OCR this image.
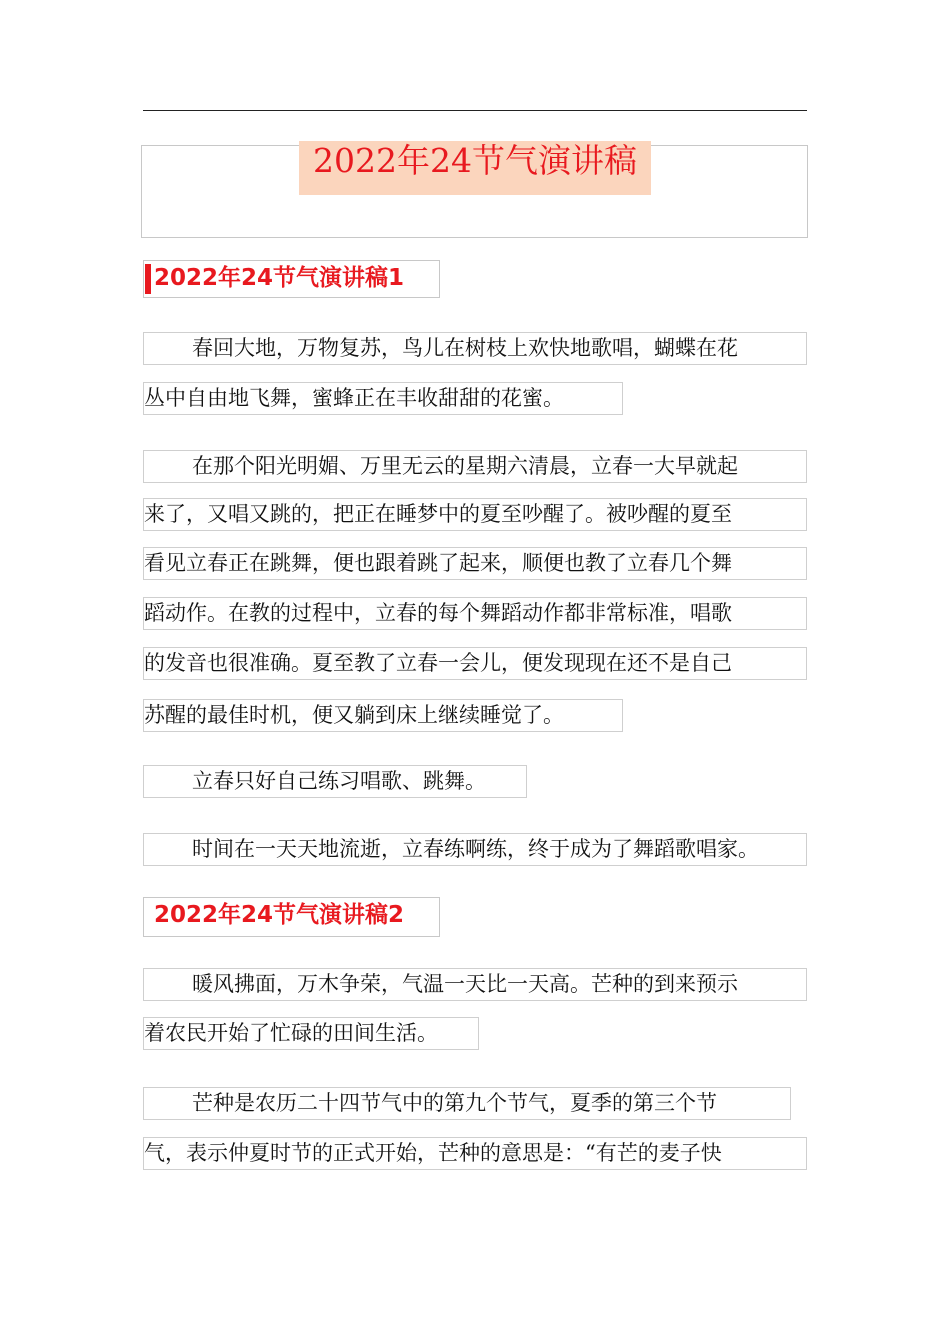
2022年24节气演讲稿
2022年24节气演讲稿1
春回大地，万物复苏，鸟儿在树枝上欢快地歌唱，蝴蝶在花
丛中自由地飞舞，蜜蜂正在丰收甜甜的花蜜。
在那个阳光明媚、万里无云的星期六清晨，立春一大早就起
来了，又唱又跳的，把正在睡梦中的夏至吵醒了。被吵醒的夏至
看见立春正在跳舞，便也跟着跳了起来，顺便也教了立春几个舞
蹈动作。在教的过程中，立春的每个舞蹈动作都非常标准，唱歌
的发音也很准确。夏至教了立春一会儿，便发现现在还不是自己
苏醒的最佳时机，便又躺到床上继续睡觉了。
立春只好自己练习唱歌、跳舞。
时间在一天天地流逝，立春练啊练，终于成为了舞蹈歌唱家。
2022年24节气演讲稿2
暖风拂面，万木争荣，气温一天比一天高。芒种的到来预示
着农民开始了忙碌的田间生活。
芒种是农历二十四节气中的第九个节气，夏季的第三个节
气，表示仲夏时节的正式开始，芒种的意思是：“有芒的麦子快
